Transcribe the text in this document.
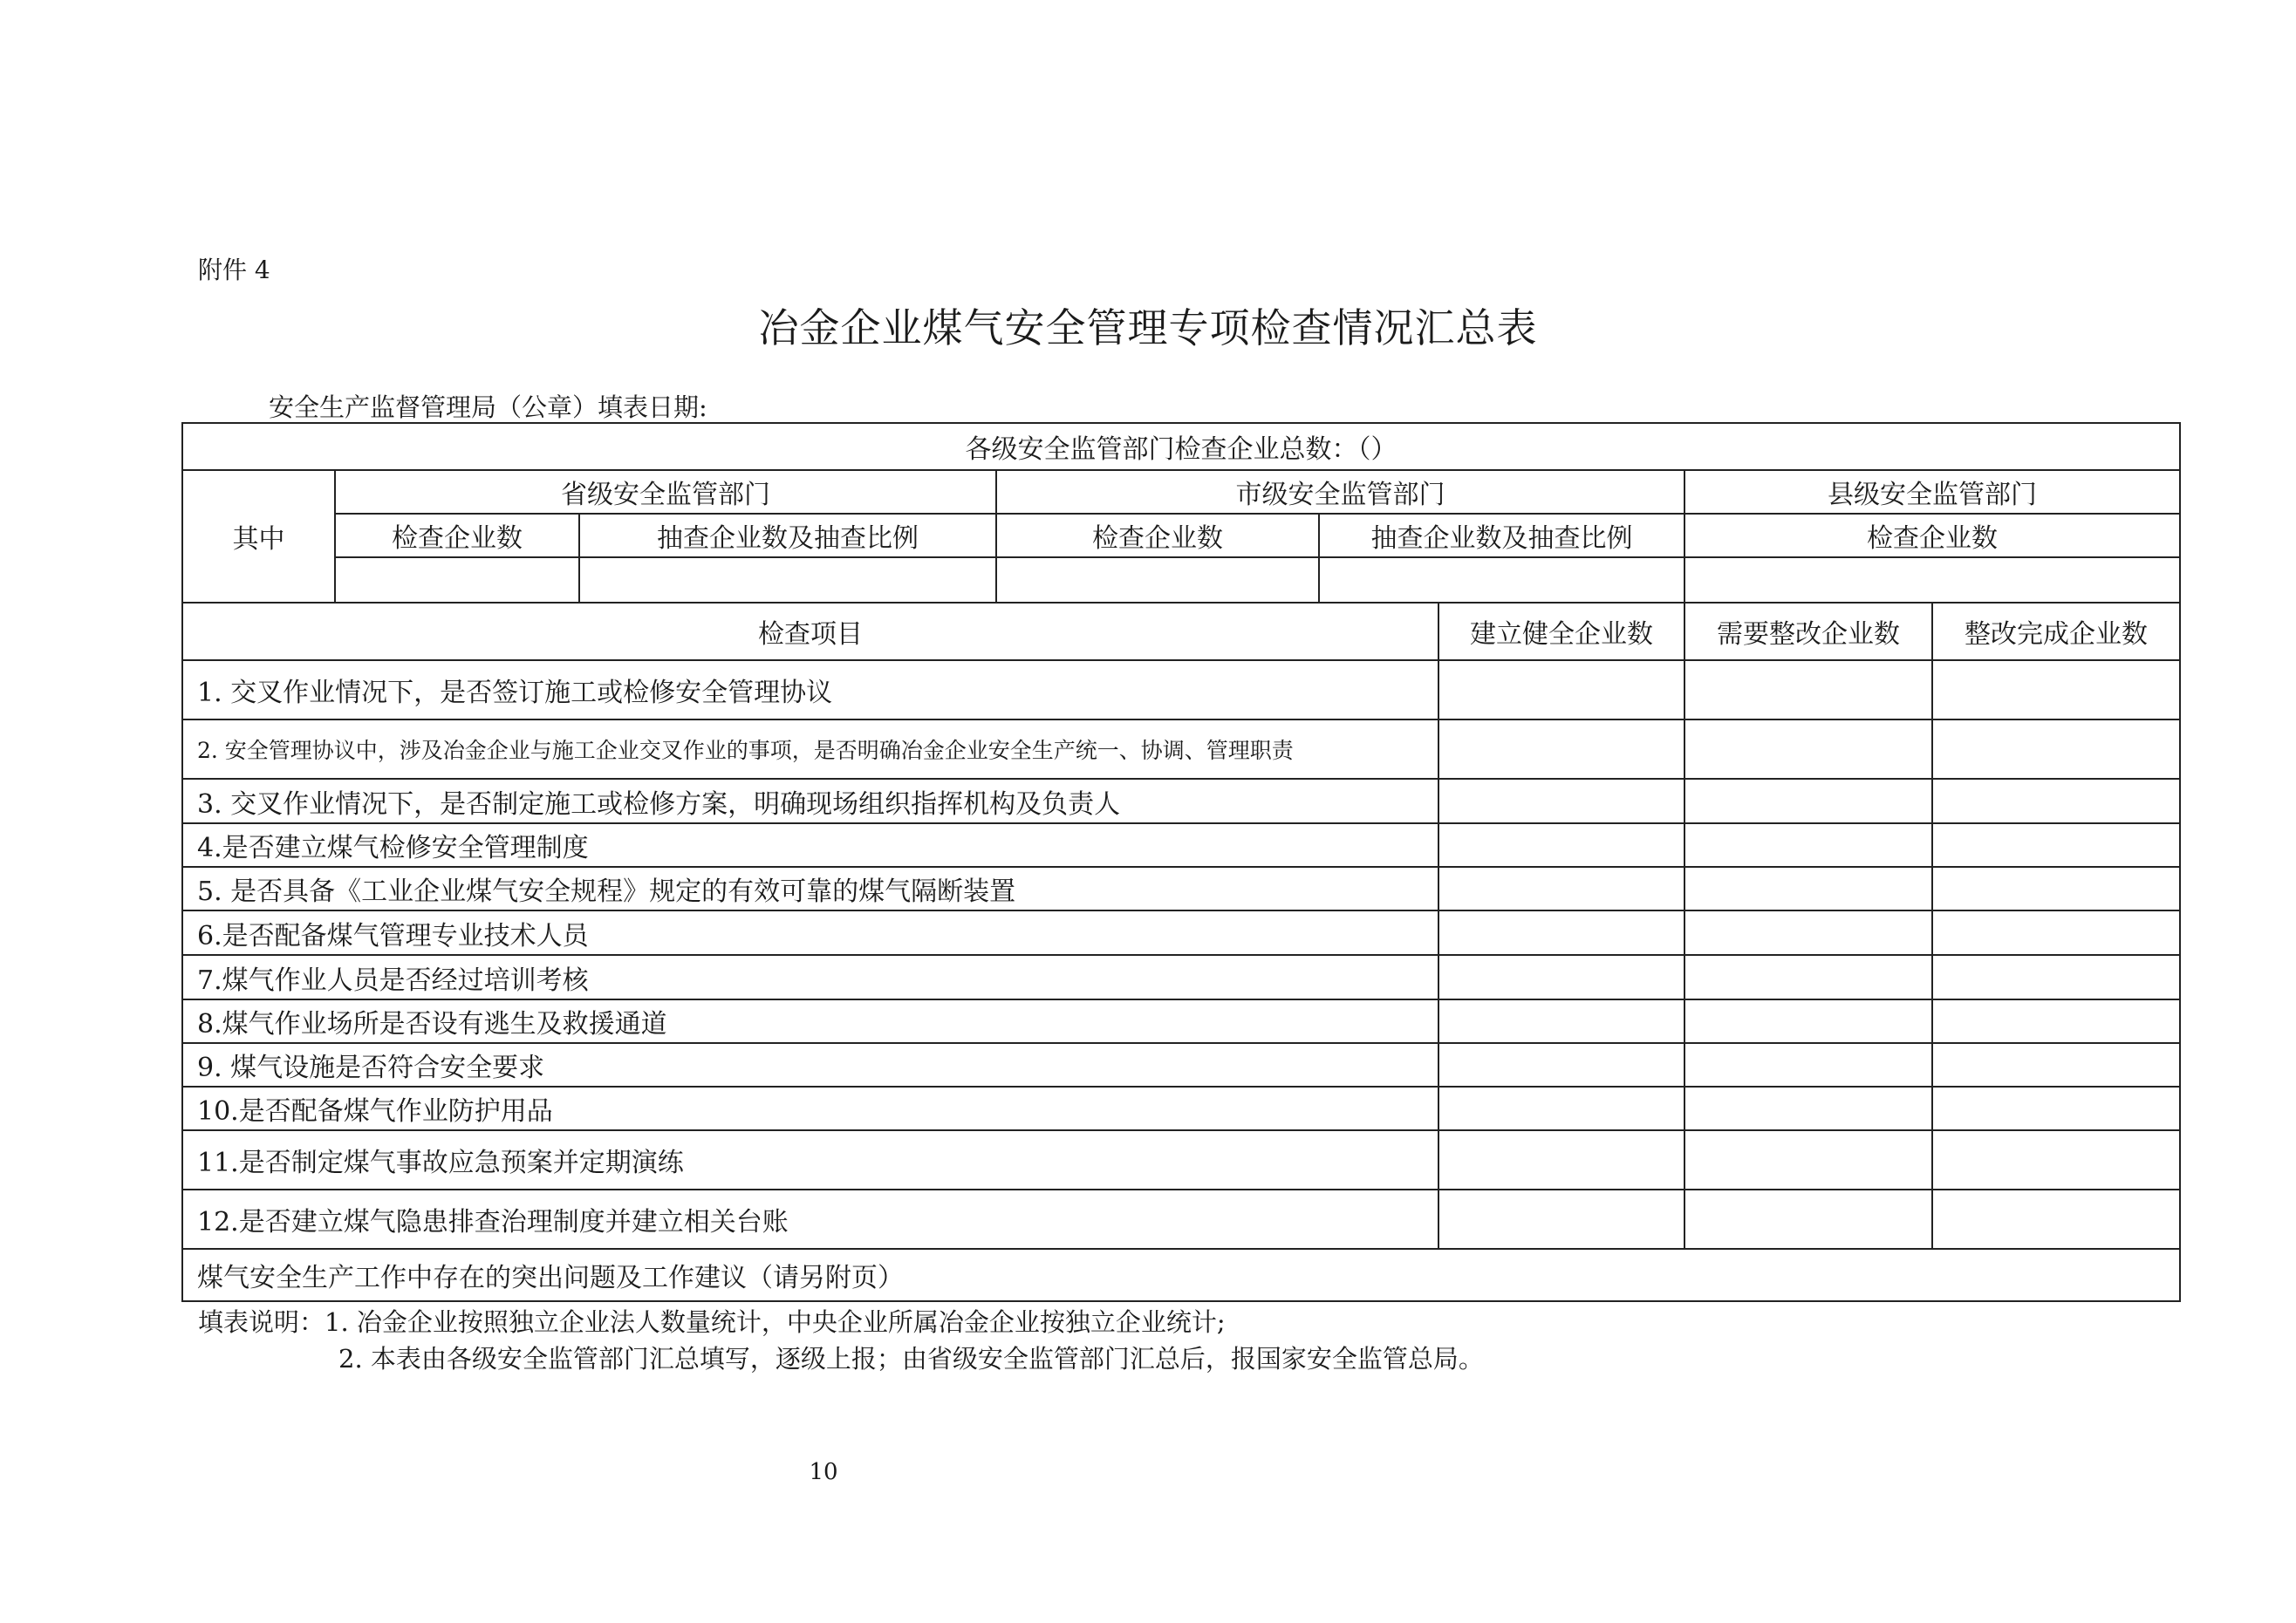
附件 4
冶金企业煤气安全管理专项检查情况汇总表
安全生产监督管理局（公章）填表日期:
各级安全监管部门检查企业总数：（）							
其中	省级安全监管部门		市级安全监管部门			县级安全监管部门	
	检查企业数	抽查企业数及抽查比例	检查企业数	抽查企业数及抽查比例		检查企业数	

检查项目					建立健全企业数	需要整改企业数	整改完成企业数
1. 交叉作业情况下，是否签订施工或检修安全管理协议							
2. 安全管理协议中，涉及冶金企业与施工企业交叉作业的事项，是否明确冶金企业安全生产统一、协调、管理职责							
3. 交叉作业情况下，是否制定施工或检修方案，明确现场组织指挥机构及负责人							
4.是否建立煤气检修安全管理制度							
5. 是否具备《工业企业煤气安全规程》规定的有效可靠的煤气隔断装置							
6.是否配备煤气管理专业技术人员							
7.煤气作业人员是否经过培训考核							
8.煤气作业场所是否设有逃生及救援通道							
9. 煤气设施是否符合安全要求							
10.是否配备煤气作业防护用品							
11.是否制定煤气事故应急预案并定期演练							
12.是否建立煤气隐患排查治理制度并建立相关台账							
煤气安全生产工作中存在的突出问题及工作建议（请另附页）							
填表说明：1. 冶金企业按照独立企业法人数量统计，中央企业所属冶金企业按独立企业统计;
2. 本表由各级安全监管部门汇总填写，逐级上报；由省级安全监管部门汇总后，报国家安全监管总局。
10
